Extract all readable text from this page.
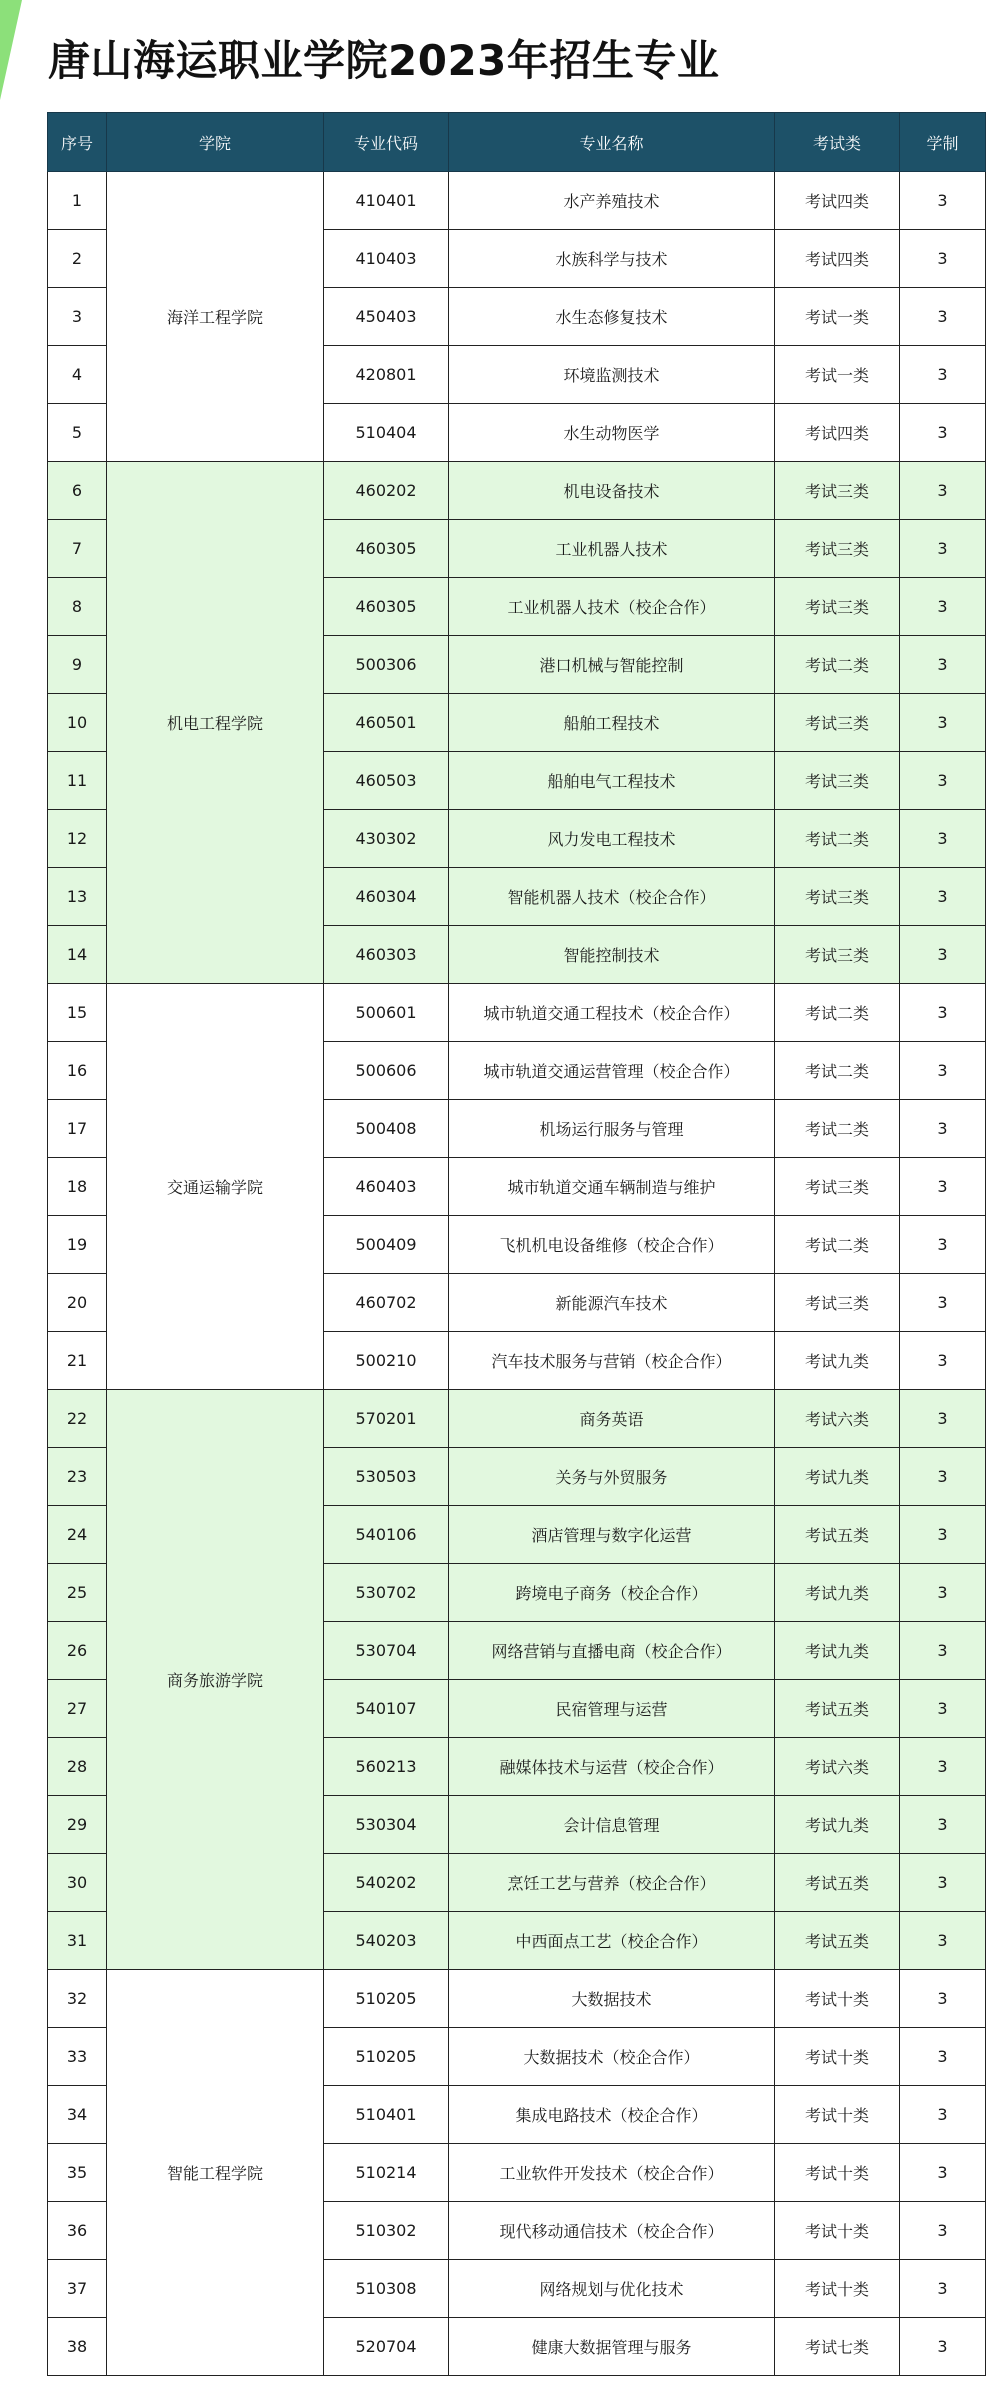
唐山海运职业学院2023年招生专业
序号	学院	专业代码	专业名称	考试类	学制
1	海洋工程学院	410401	水产养殖技术	考试四类	3
2		410403	水族科学与技术	考试四类	3
3		450403	水生态修复技术	考试一类	3
4		420801	环境监测技术	考试一类	3
5		510404	水生动物医学	考试四类	3
6	机电工程学院	460202	机电设备技术	考试三类	3
7		460305	工业机器人技术	考试三类	3
8		460305	工业机器人技术（校企合作）	考试三类	3
9		500306	港口机械与智能控制	考试二类	3
10		460501	船舶工程技术	考试三类	3
11		460503	船舶电气工程技术	考试三类	3
12		430302	风力发电工程技术	考试二类	3
13		460304	智能机器人技术（校企合作）	考试三类	3
14		460303	智能控制技术	考试三类	3
15	交通运输学院	500601	城市轨道交通工程技术（校企合作）	考试二类	3
16		500606	城市轨道交通运营管理（校企合作）	考试二类	3
17		500408	机场运行服务与管理	考试二类	3
18		460403	城市轨道交通车辆制造与维护	考试三类	3
19		500409	飞机机电设备维修（校企合作）	考试二类	3
20		460702	新能源汽车技术	考试三类	3
21		500210	汽车技术服务与营销（校企合作）	考试九类	3
22	商务旅游学院	570201	商务英语	考试六类	3
23		530503	关务与外贸服务	考试九类	3
24		540106	酒店管理与数字化运营	考试五类	3
25		530702	跨境电子商务（校企合作）	考试九类	3
26		530704	网络营销与直播电商（校企合作）	考试九类	3
27		540107	民宿管理与运营	考试五类	3
28		560213	融媒体技术与运营（校企合作）	考试六类	3
29		530304	会计信息管理	考试九类	3
30		540202	烹饪工艺与营养（校企合作）	考试五类	3
31		540203	中西面点工艺（校企合作）	考试五类	3
32	智能工程学院	510205	大数据技术	考试十类	3
33		510205	大数据技术（校企合作）	考试十类	3
34		510401	集成电路技术（校企合作）	考试十类	3
35		510214	工业软件开发技术（校企合作）	考试十类	3
36		510302	现代移动通信技术（校企合作）	考试十类	3
37		510308	网络规划与优化技术	考试十类	3
38		520704	健康大数据管理与服务	考试七类	3
